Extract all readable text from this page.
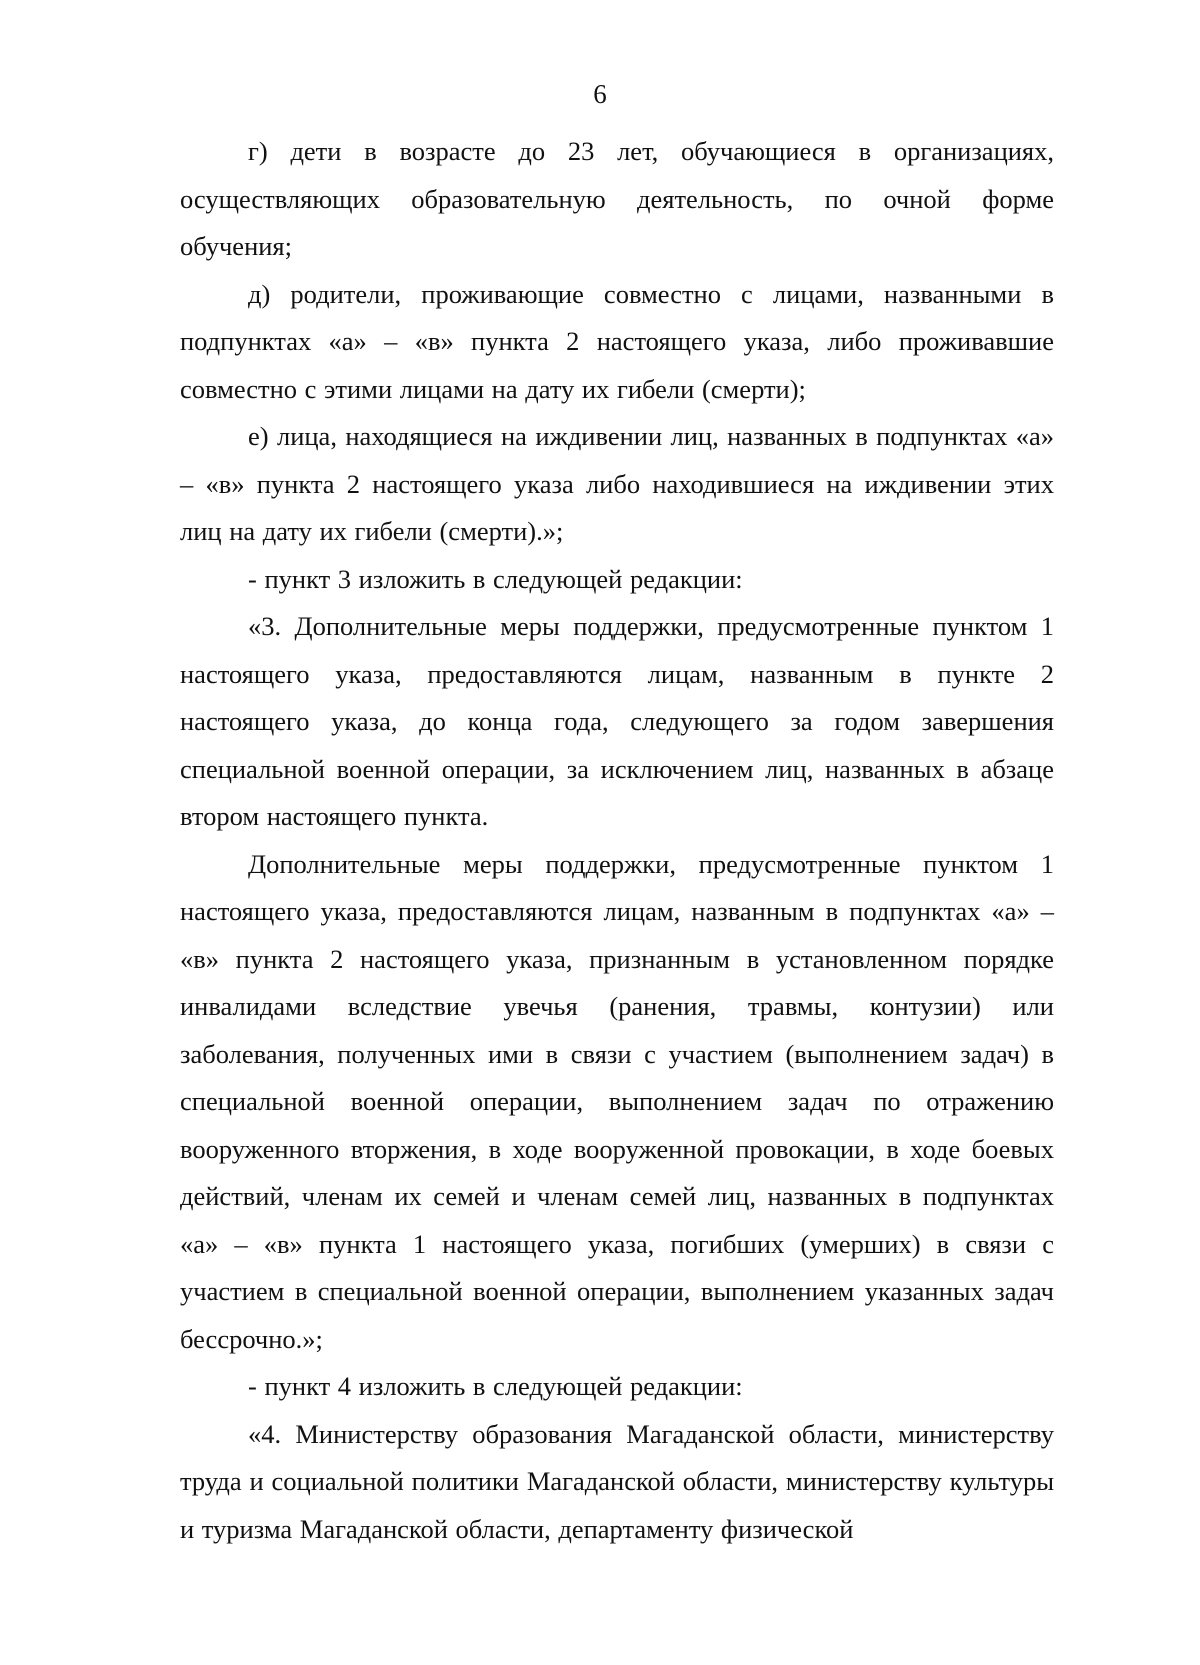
6

г) дети в возрасте до 23 лет, обучающиеся в организациях, осуществляющих образовательную деятельность, по очной форме обучения;

д) родители, проживающие совместно с лицами, названными в подпунктах «а» – «в» пункта 2 настоящего указа, либо проживавшие совместно с этими лицами на дату их гибели (смерти);

е) лица, находящиеся на иждивении лиц, названных в подпунктах «а» – «в» пункта 2 настоящего указа либо находившиеся на иждивении этих лиц на дату их гибели (смерти).»;

- пункт 3 изложить в следующей редакции:

«3. Дополнительные меры поддержки, предусмотренные пунктом 1 настоящего указа, предоставляются лицам, названным в пункте 2 настоящего указа, до конца года, следующего за годом завершения специальной военной операции, за исключением лиц, названных в абзаце втором настоящего пункта.

Дополнительные меры поддержки, предусмотренные пунктом 1 настоящего указа, предоставляются лицам, названным в подпунктах «а» – «в» пункта 2 настоящего указа, признанным в установленном порядке инвалидами вследствие увечья (ранения, травмы, контузии) или заболевания, полученных ими в связи с участием (выполнением задач) в специальной военной операции, выполнением задач по отражению вооруженного вторжения, в ходе вооруженной провокации, в ходе боевых действий, членам их семей и членам семей лиц, названных в подпунктах «а» – «в» пункта 1 настоящего указа, погибших (умерших) в связи с участием в специальной военной операции, выполнением указанных задач бессрочно.»;

- пункт 4 изложить в следующей редакции:

«4. Министерству образования Магаданской области, министерству труда и социальной политики Магаданской области, министерству культуры и туризма Магаданской области, департаменту физической
